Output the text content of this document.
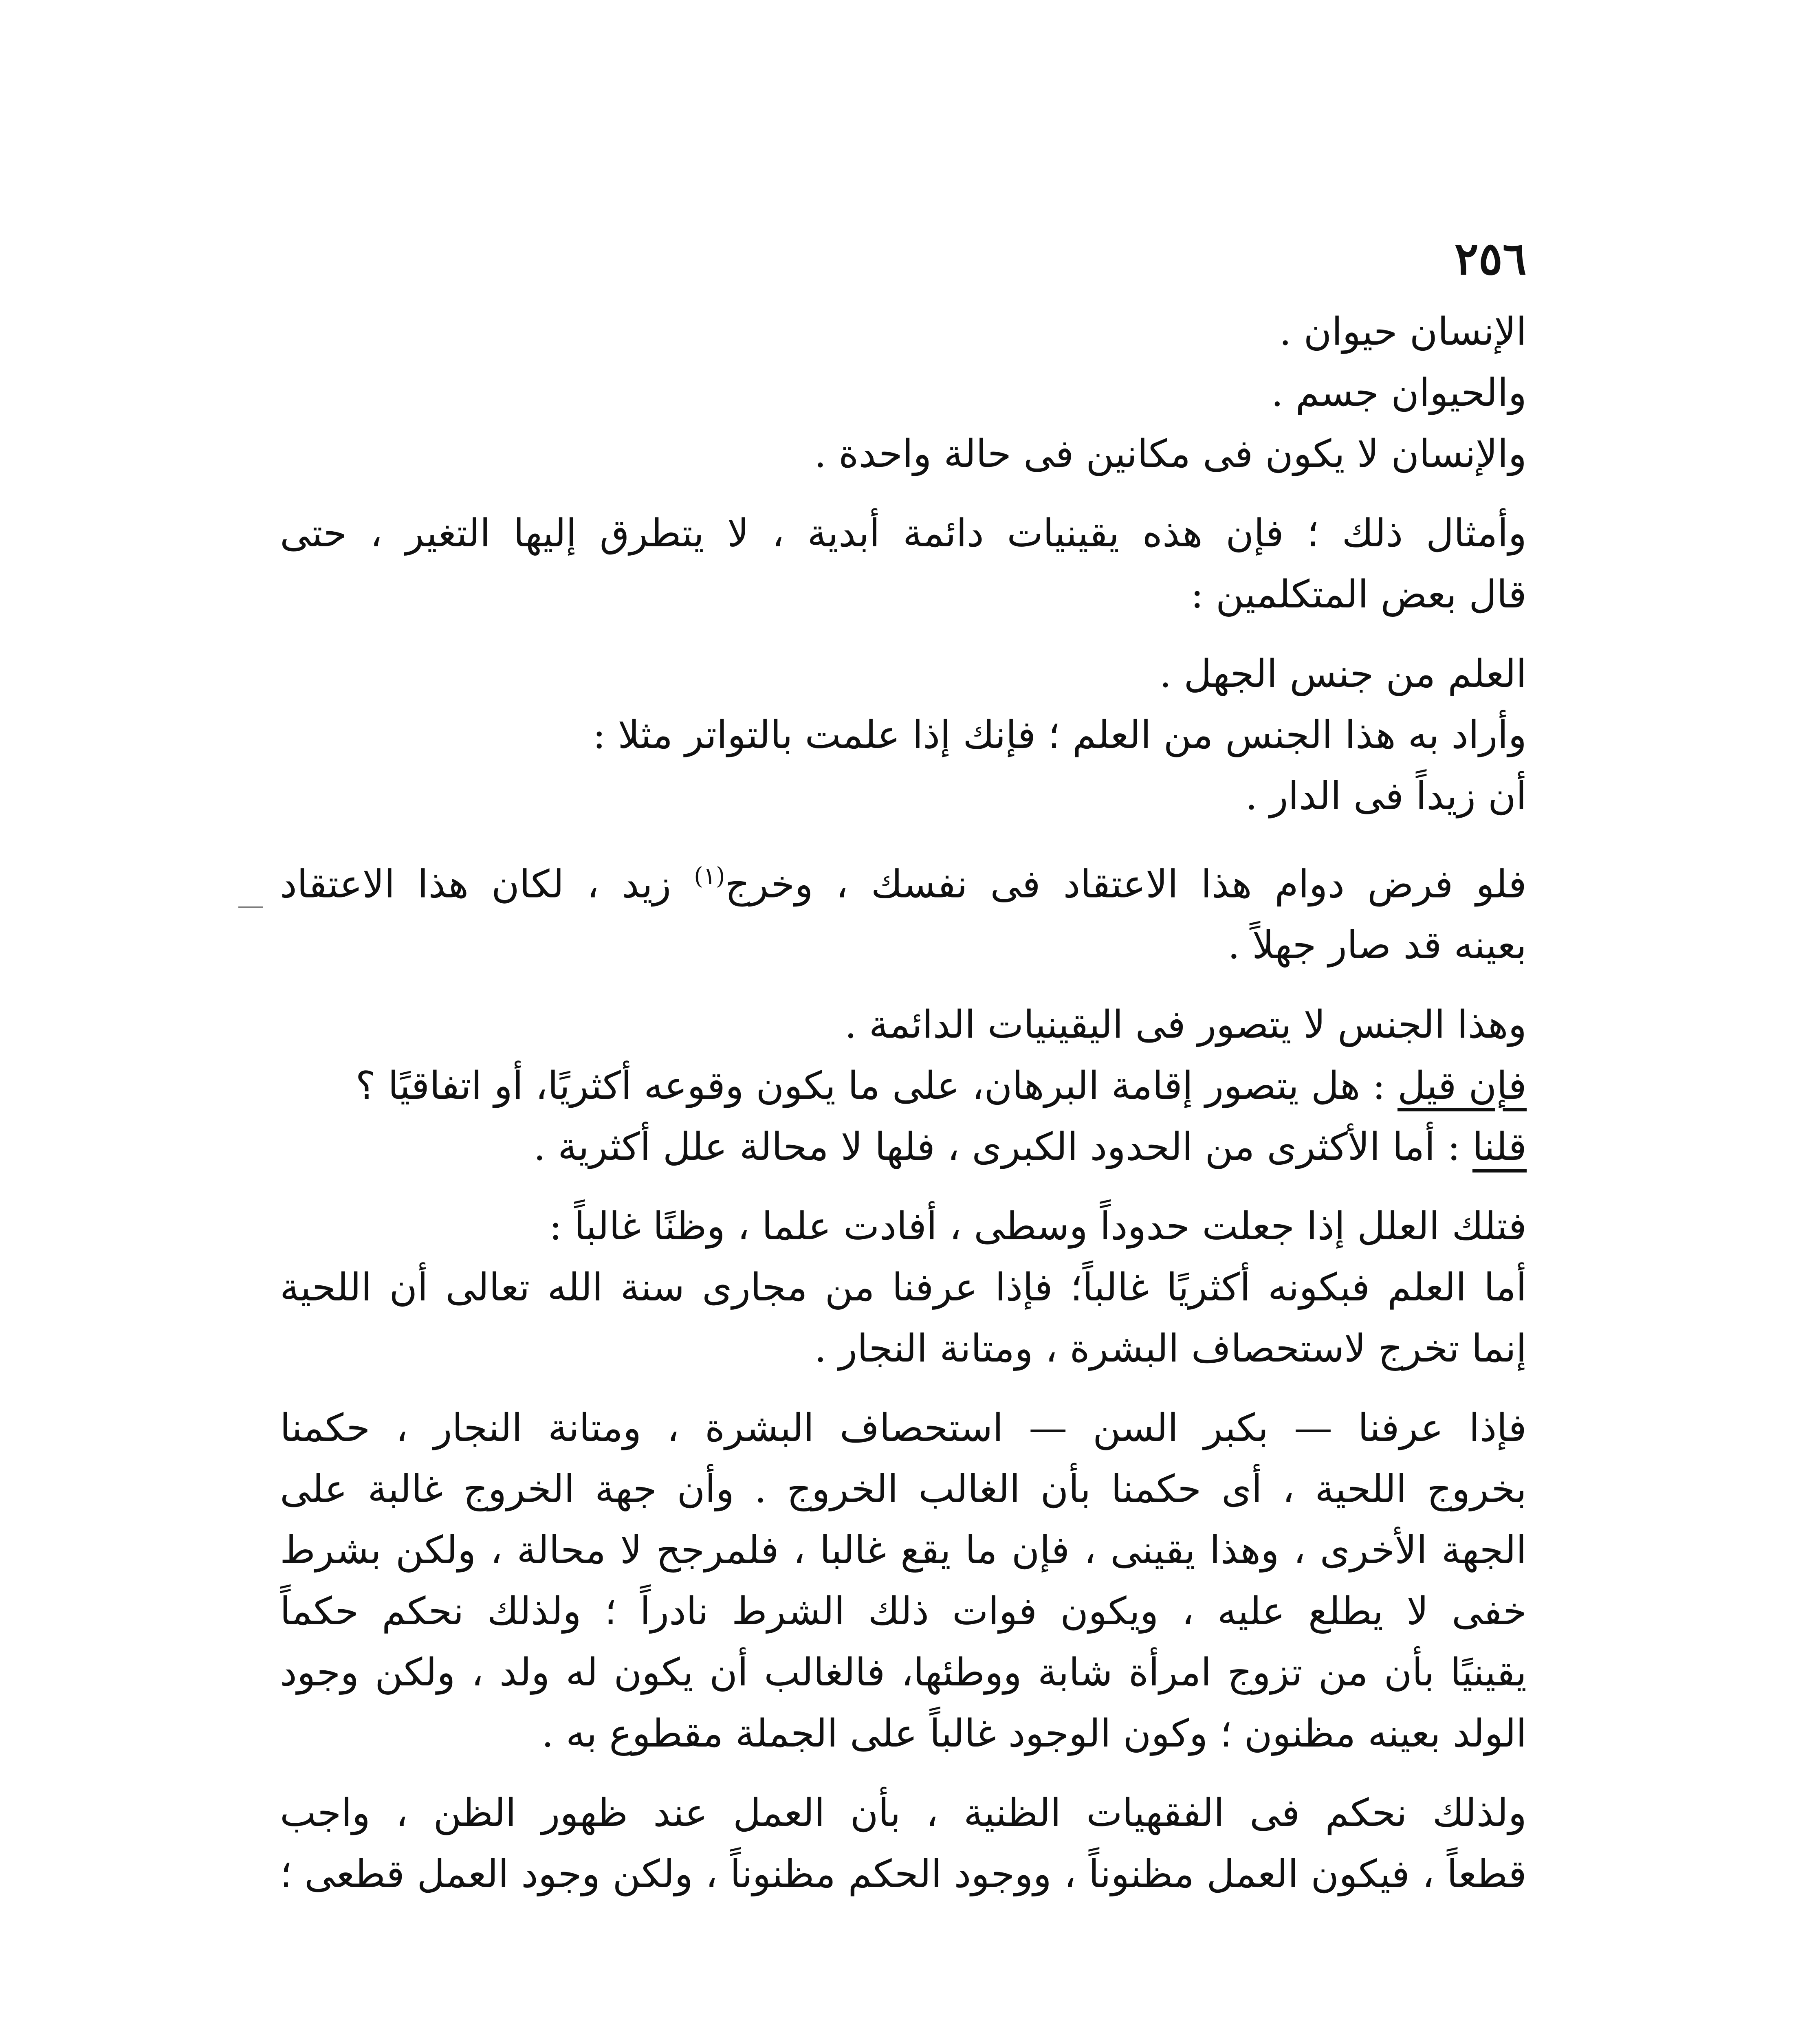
٢٥٦
الإنسان حيوان .
والحيوان جسم .
والإنسان لا يكون فى مكانين فى حالة واحدة .
وأمثال ذلك ؛ فإن هذه يقينيات دائمة أبدية ، لا يتطرق إليها التغير ، حتى
قال بعض المتكلمين :
العلم من جنس الجهل .
وأراد به هذا الجنس من العلم ؛ فإنك إذا علمت بالتواتر مثلا :
أن زيداً فى الدار .
فلو فرض دوام هذا الاعتقاد فى نفسك ، وخرج$^{(١)}$ زيد ، لكان هذا الاعتقاد
بعينه قد صار جهلاً .
وهذا الجنس لا يتصور فى اليقينيات الدائمة .
فإن قيل : هل يتصور إقامة البرهان، على ما يكون وقوعه أكثريًا، أو اتفاقيًا ؟
قلنا : أما الأكثرى من الحدود الكبرى ، فلها لا محالة علل أكثرية .
فتلك العلل إذا جعلت حدوداً وسطى ، أفادت علما ، وظنًا غالباً :
أما العلم فبكونه أكثريًا غالباً؛ فإذا عرفنا من مجارى سنة الله تعالى أن اللحية
إنما تخرج لاستحصاف البشرة ، ومتانة النجار .
فإذا عرفنا — بكبر السن — استحصاف البشرة ، ومتانة النجار ، حكمنا
بخروج اللحية ، أى حكمنا بأن الغالب الخروج . وأن جهة الخروج غالبة على
الجهة الأخرى ، وهذا يقينى ، فإن ما يقع غالبا ، فلمرجح لا محالة ، ولكن بشرط
خفى لا يطلع عليه ، ويكون فوات ذلك الشرط نادراً ؛ ولذلك نحكم حكماً
يقينيًا بأن من تزوج امرأة شابة ووطئها، فالغالب أن يكون له ولد ، ولكن وجود
الولد بعينه مظنون ؛ وكون الوجود غالباً على الجملة مقطوع به .
ولذلك نحكم فى الفقهيات الظنية ، بأن العمل عند ظهور الظن ، واجب
قطعاً ، فيكون العمل مظنوناً ، ووجود الحكم مظنوناً ، ولكن وجود العمل قطعى ؛
